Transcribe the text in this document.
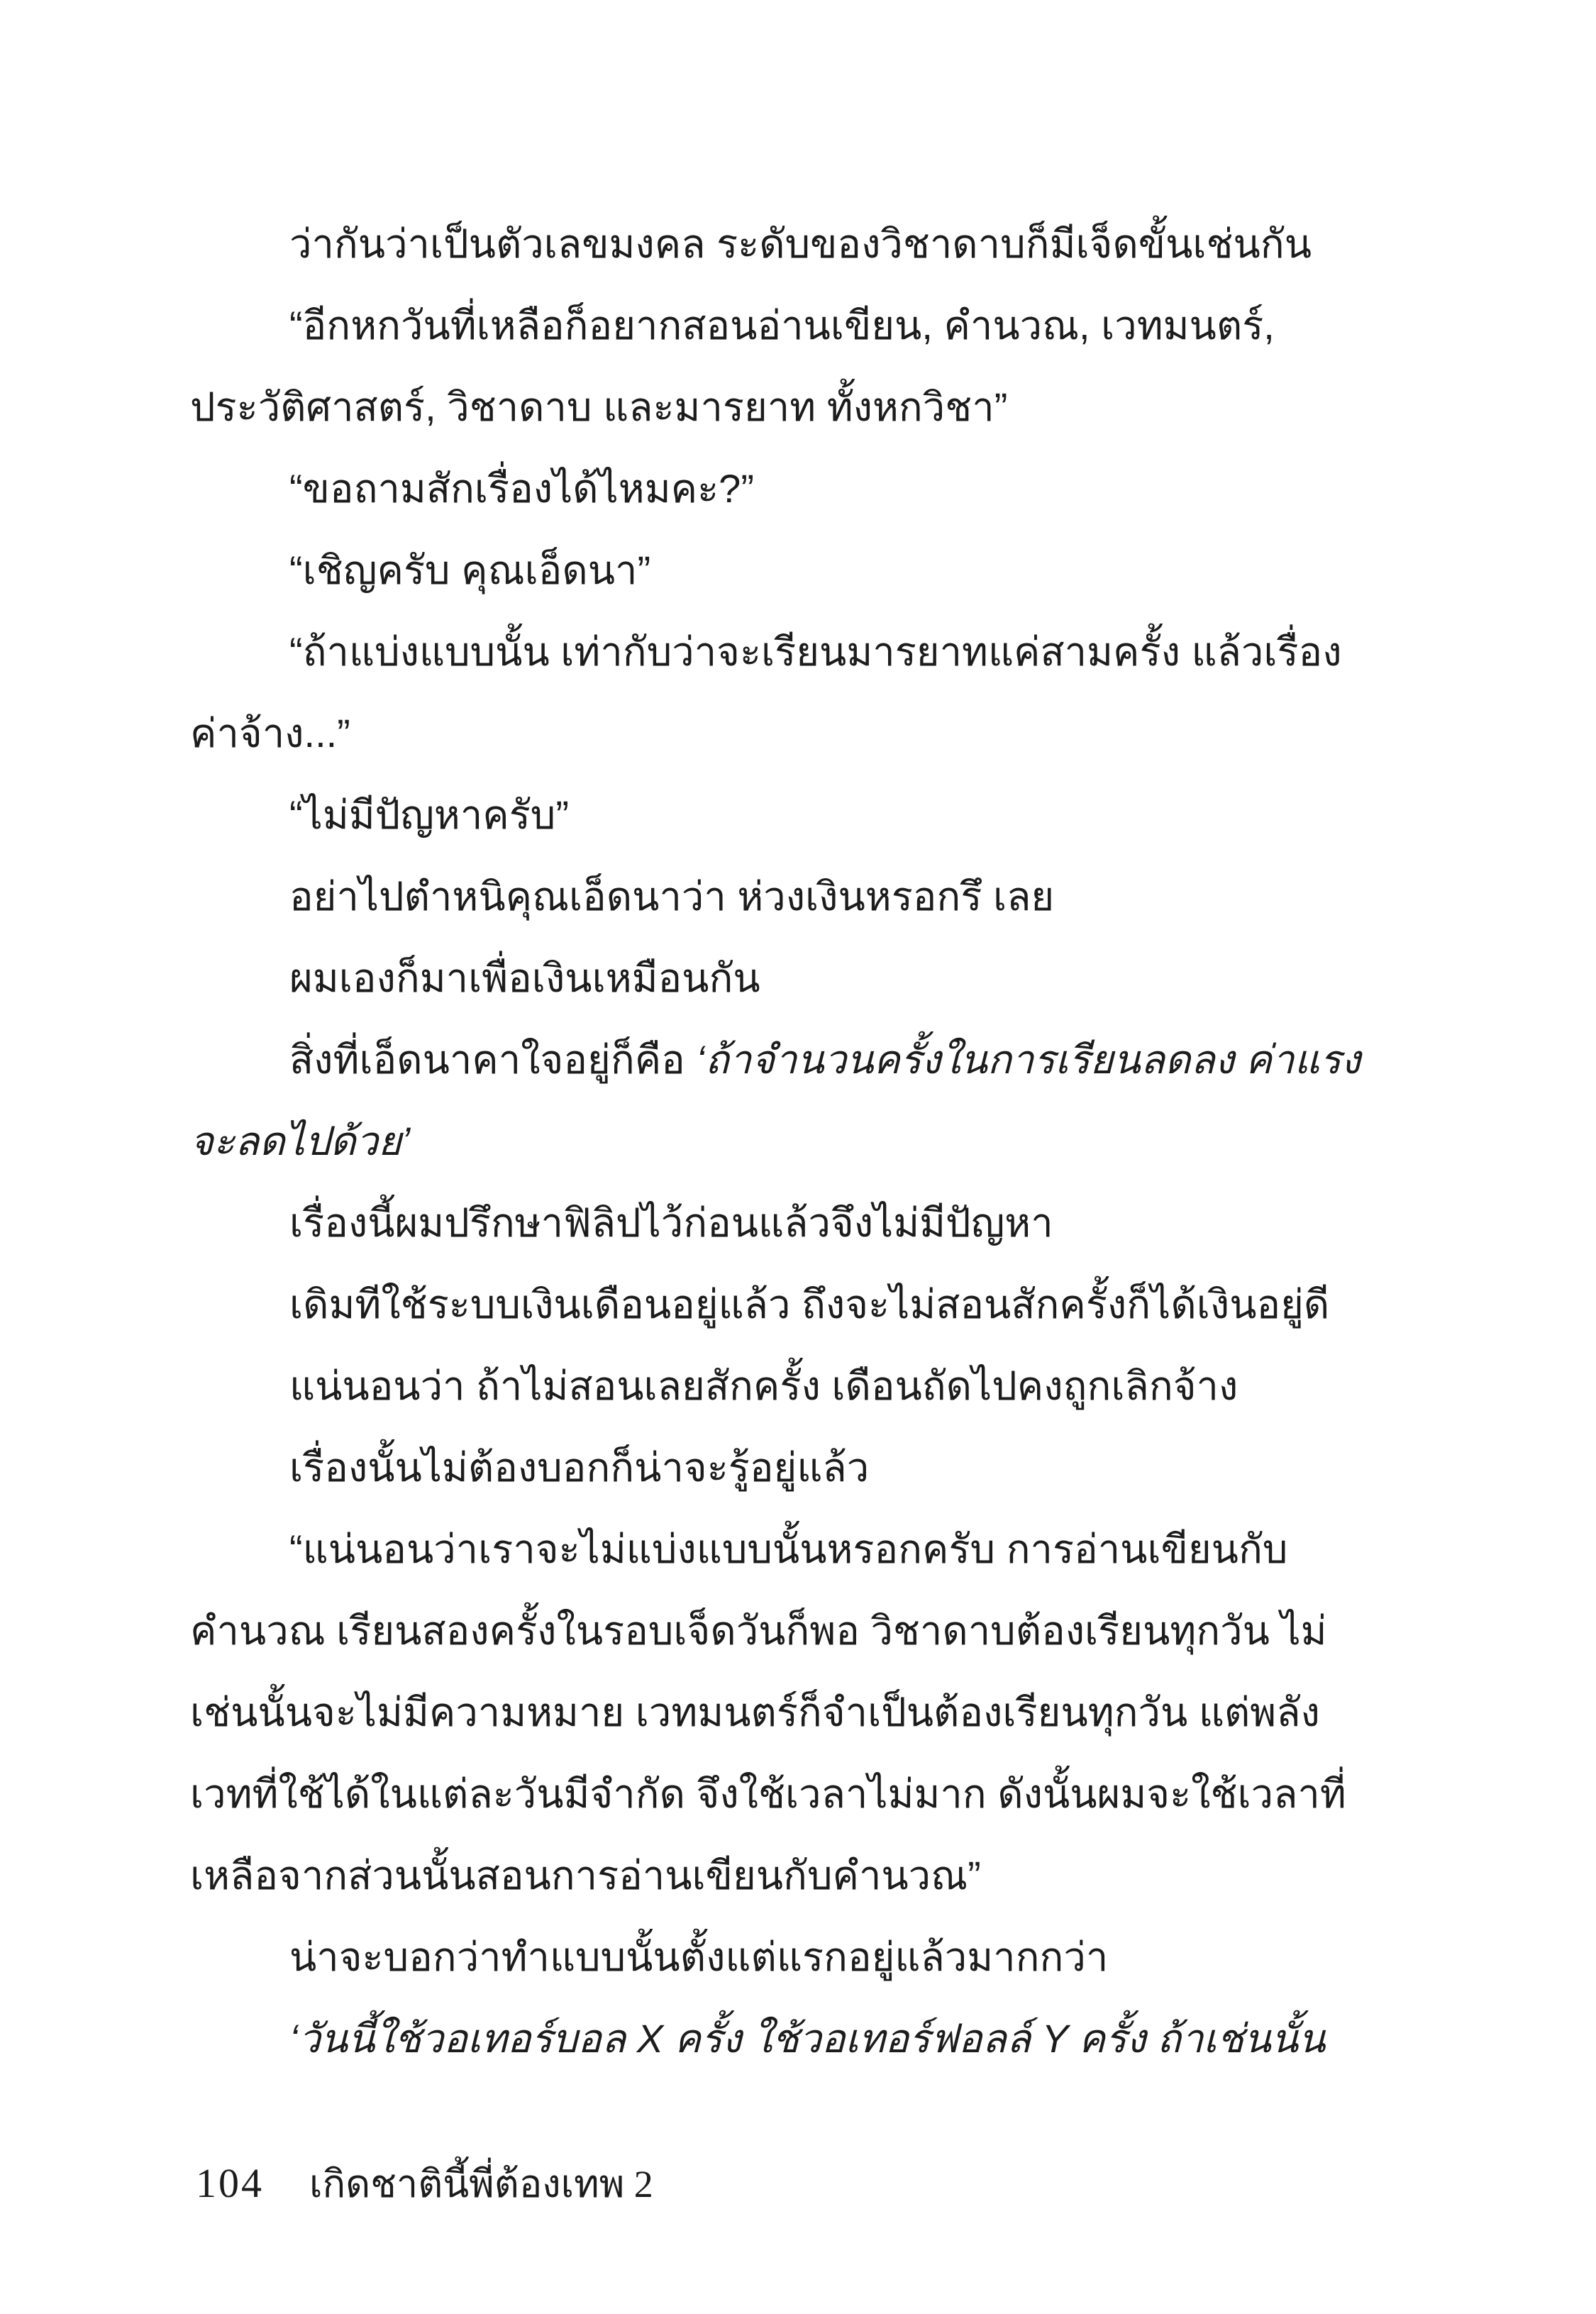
ว่ากันว่าเป็นตัวเลขมงคล ระดับของวิชาดาบก็มีเจ็ดขั้นเช่นกัน
“อีกหกวันที่เหลือก็อยากสอนอ่านเขียน, คำนวณ, เวทมนตร์,
ประวัติศาสตร์, วิชาดาบ และมารยาท ทั้งหกวิชา”
“ขอถามสักเรื่องได้ไหมคะ?”
“เชิญครับ คุณเอ็ดนา”
“ถ้าแบ่งแบบนั้น เท่ากับว่าจะเรียนมารยาทแค่สามครั้ง แล้วเรื่อง
ค่าจ้าง...”
“ไม่มีปัญหาครับ”
อย่าไปตำหนิคุณเอ็ดนาว่า ห่วงเงินหรอกรึ เลย
ผมเองก็มาเพื่อเงินเหมือนกัน
สิ่งที่เอ็ดนาคาใจอยู่ก็คือ ‘ถ้าจำนวนครั้งในการเรียนลดลง ค่าแรง
จะลดไปด้วย’
เรื่องนี้ผมปรึกษาฟิลิปไว้ก่อนแล้วจึงไม่มีปัญหา
เดิมทีใช้ระบบเงินเดือนอยู่แล้ว ถึงจะไม่สอนสักครั้งก็ได้เงินอยู่ดี
แน่นอนว่า ถ้าไม่สอนเลยสักครั้ง เดือนถัดไปคงถูกเลิกจ้าง
เรื่องนั้นไม่ต้องบอกก็น่าจะรู้อยู่แล้ว
“แน่นอนว่าเราจะไม่แบ่งแบบนั้นหรอกครับ การอ่านเขียนกับ
คำนวณ เรียนสองครั้งในรอบเจ็ดวันก็พอ วิชาดาบต้องเรียนทุกวัน ไม่
เช่นนั้นจะไม่มีความหมาย เวทมนตร์ก็จำเป็นต้องเรียนทุกวัน แต่พลัง
เวทที่ใช้ได้ในแต่ละวันมีจำกัด จึงใช้เวลาไม่มาก ดังนั้นผมจะใช้เวลาที่
เหลือจากส่วนนั้นสอนการอ่านเขียนกับคำนวณ”
น่าจะบอกว่าทำแบบนั้นตั้งแต่แรกอยู่แล้วมากกว่า
‘วันนี้ใช้วอเทอร์บอล X ครั้ง ใช้วอเทอร์ฟอลล์ Y ครั้ง ถ้าเช่นนั้น
104 เกิดชาตินี้พี่ต้องเทพ 2
